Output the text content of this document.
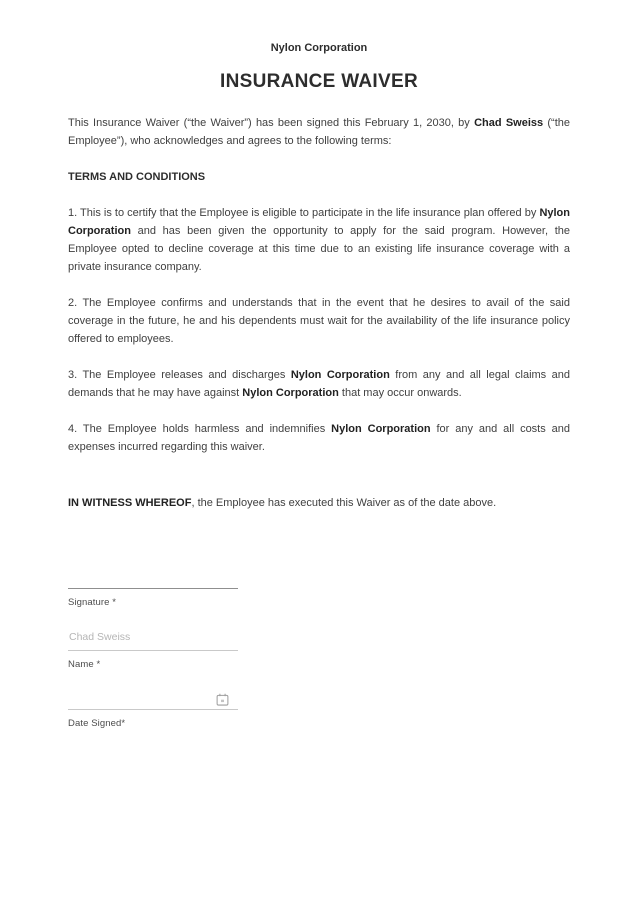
Nylon Corporation
INSURANCE WAIVER

This Insurance Waiver (“the Waiver”) has been signed this February 1, 2030, by Chad Sweiss (“the Employee”), who acknowledges and agrees to the following terms:

TERMS AND CONDITIONS

1. This is to certify that the Employee is eligible to participate in the life insurance plan offered by Nylon Corporation and has been given the opportunity to apply for the said program. However, the Employee opted to decline coverage at this time due to an existing life insurance coverage with a private insurance company.

2. The Employee confirms and understands that in the event that he desires to avail of the said coverage in the future, he and his dependents must wait for the availability of the life insurance policy offered to employees.

3. The Employee releases and discharges Nylon Corporation from any and all legal claims and demands that he may have against Nylon Corporation that may occur onwards.

4. The Employee holds harmless and indemnifies Nylon Corporation for any and all costs and expenses incurred regarding this waiver.

IN WITNESS WHEREOF, the Employee has executed this Waiver as of the date above.

Signature *
Chad Sweiss
Name *
Date Signed*
